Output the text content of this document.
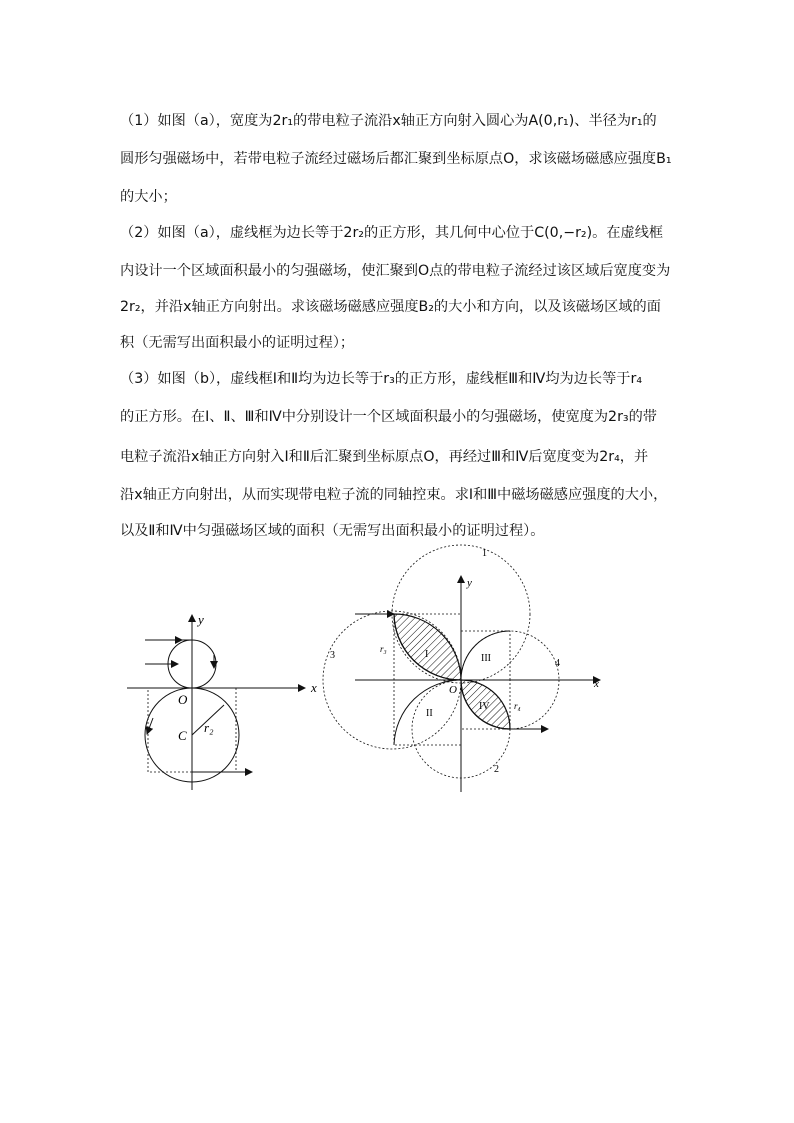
（1）如图（a），宽度为2r₁的带电粒子流沿x轴正方向射入圆心为A(0,r₁)、半径为r₁的
圆形匀强磁场中，若带电粒子流经过磁场后都汇聚到坐标原点O，求该磁场磁感应强度B₁
的大小；
（2）如图（a），虚线框为边长等于2r₂的正方形，其几何中心位于C(0,−r₂)。在虚线框
内设计一个区域面积最小的匀强磁场，使汇聚到O点的带电粒子流经过该区域后宽度变为
2r₂，并沿x轴正方向射出。求该磁场磁感应强度B₂的大小和方向，以及该磁场区域的面
积（无需写出面积最小的证明过程）；
（3）如图（b），虚线框Ⅰ和Ⅱ均为边长等于r₃的正方形，虚线框Ⅲ和Ⅳ均为边长等于r₄
的正方形。在Ⅰ、Ⅱ、Ⅲ和Ⅳ中分别设计一个区域面积最小的匀强磁场，使宽度为2r₃的带
电粒子流沿x轴正方向射入Ⅰ和Ⅱ后汇聚到坐标原点O，再经过Ⅲ和Ⅳ后宽度变为2r₄，并
沿x轴正方向射出，从而实现带电粒子流的同轴控束。求Ⅰ和Ⅲ中磁场磁感应强度的大小，
以及Ⅱ和Ⅳ中匀强磁场区域的面积（无需写出面积最小的证明过程）。
y
x
r₂
O
C
y
x
1
2
3
4
I
II
III
IV
r₃
r₄
O
